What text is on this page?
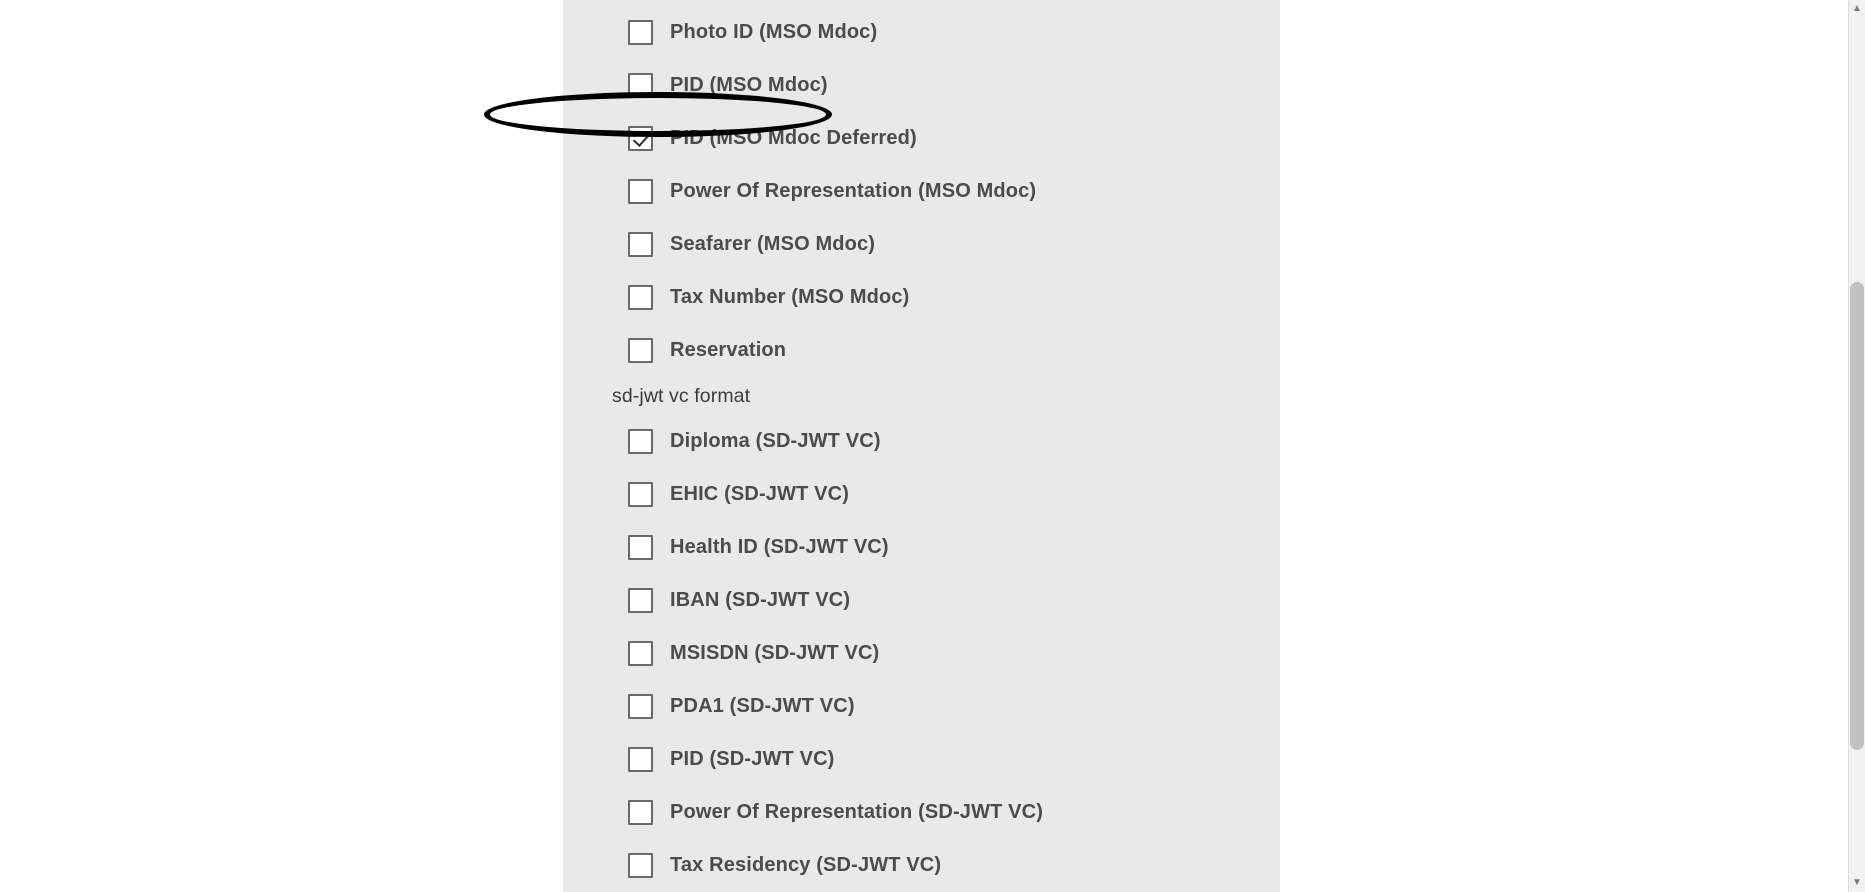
Photo ID (MSO Mdoc)
PID (MSO Mdoc)
PID (MSO Mdoc Deferred)
Power Of Representation (MSO Mdoc)
Seafarer (MSO Mdoc)
Tax Number (MSO Mdoc)
Reservation
sd-jwt vc format
Diploma (SD-JWT VC)
EHIC (SD-JWT VC)
Health ID (SD-JWT VC)
IBAN (SD-JWT VC)
MSISDN (SD-JWT VC)
PDA1 (SD-JWT VC)
PID (SD-JWT VC)
Power Of Representation (SD-JWT VC)
Tax Residency (SD-JWT VC)
▲
▼
